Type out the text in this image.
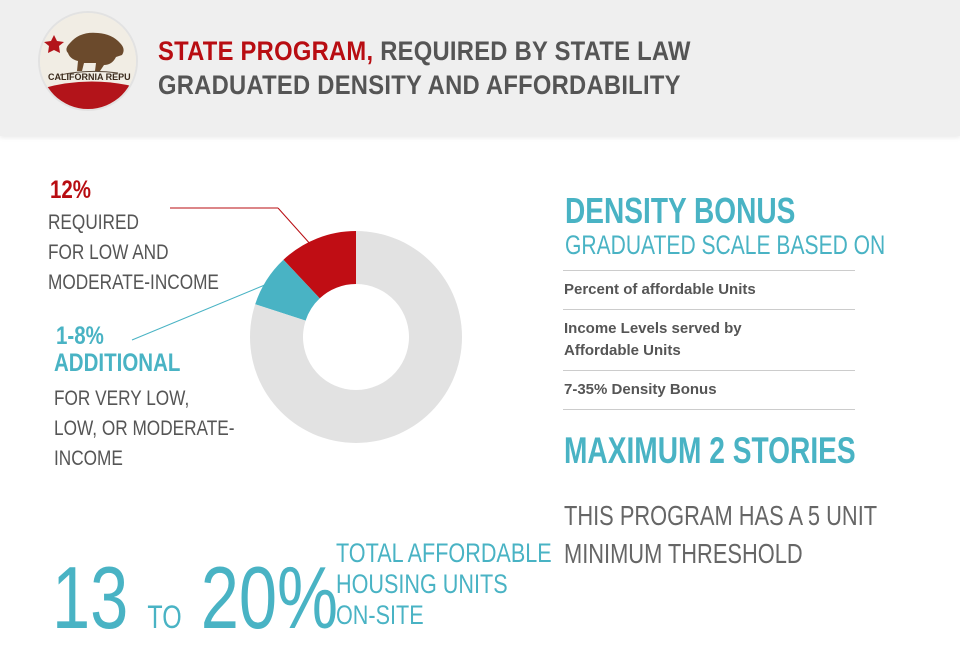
CALIFORNIA REPU
STATE PROGRAM, REQUIRED BY STATE LAW
GRADUATED DENSITY AND AFFORDABILITY
12%
REQUIRED
FOR LOW AND
MODERATE-INCOME
1-8%
ADDITIONAL
FOR VERY LOW,
LOW, OR MODERATE-
INCOME
DENSITY BONUS
GRADUATED SCALE BASED ON
Percent of affordable Units
Income Levels served by
Affordable Units
7-35% Density Bonus
MAXIMUM 2 STORIES
THIS PROGRAM HAS A 5 UNIT
MINIMUM THRESHOLD
13 TO 20%
TOTAL AFFORDABLE
HOUSING UNITS
ON-SITE
